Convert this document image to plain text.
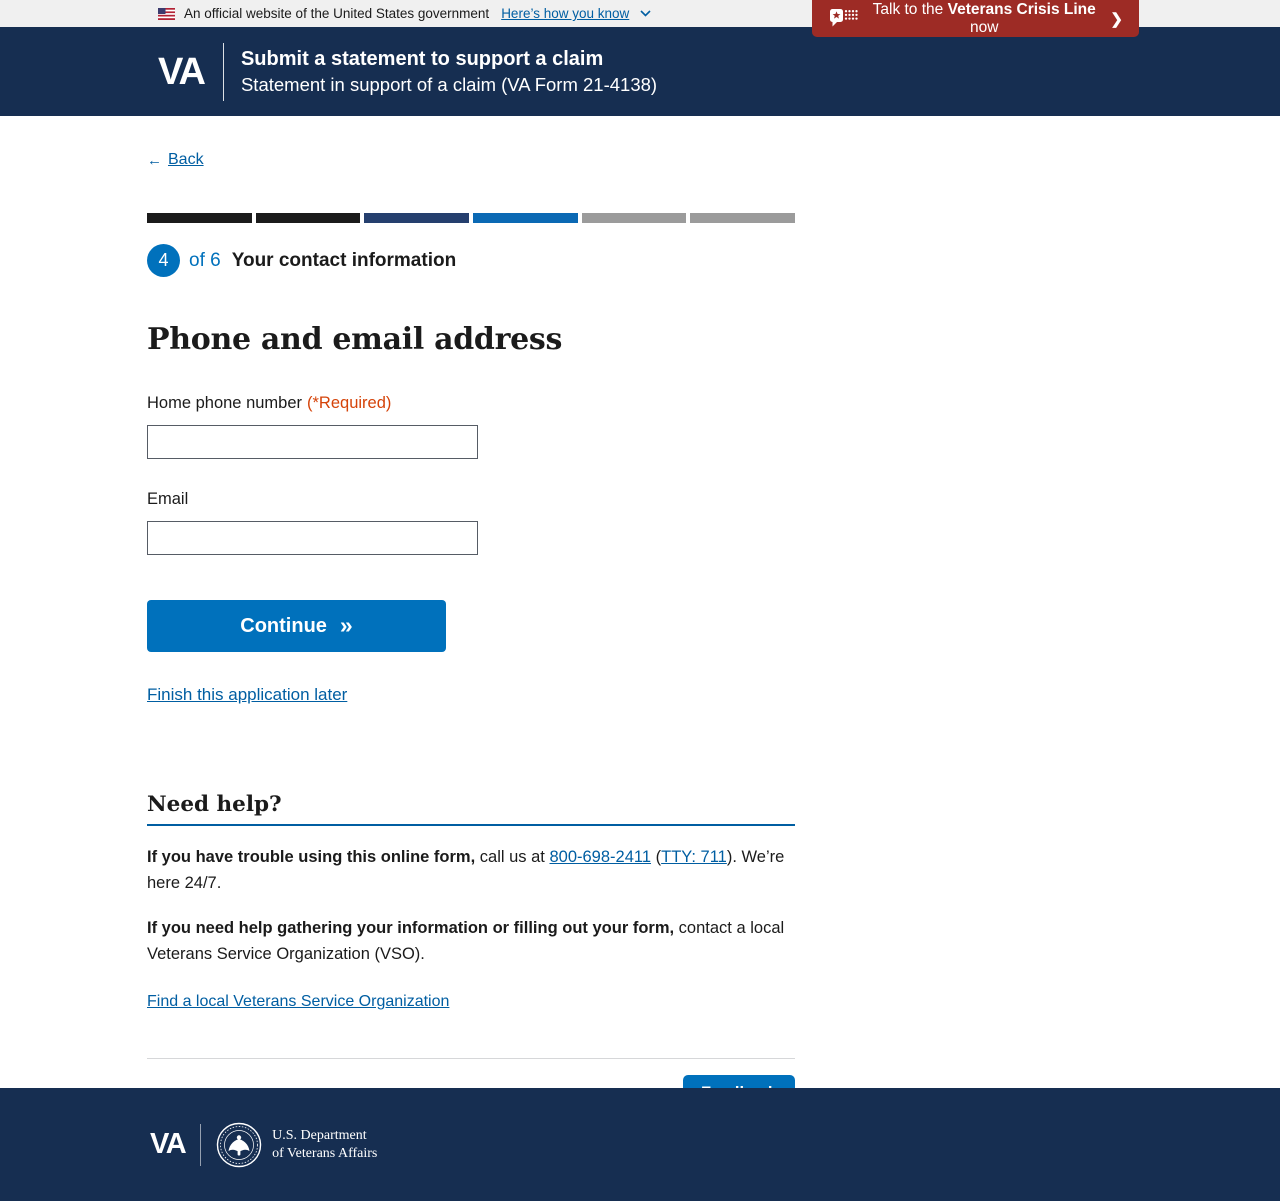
An official website of the United States government Here’s how you know	Talk to the Veterans Crisis Line now	❯
VA Submit a statement to support a claim
Statement in support of a claim (VA Form 21-4138)
← Back
4	of 6 Your contact information
Phone and email address
Home phone number (*Required)
Email
Continue »
Finish this application later
Need help?

If you have trouble using this online form, call us at 800-698-2411 (TTY: 711). We’re here 24/7.

If you need help gathering your information or filling out your form, contact a local Veterans Service Organization (VSO).

Find a local Veterans Service Organization
VA	U.S. Department
of Veterans Affairs
